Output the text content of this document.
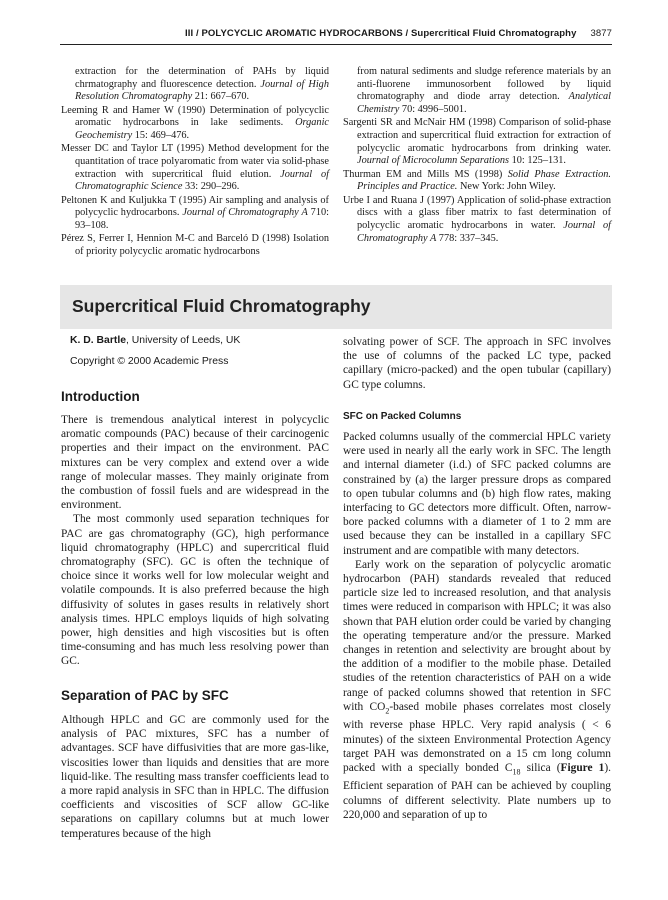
III / POLYCYCLIC AROMATIC HYDROCARBONS / Supercritical Fluid Chromatography 3877

extraction for the determination of PAHs by liquid chrmatography and fluorescence detection. Journal of High Resolution Chromatography 21: 667–670.

Leeming R and Hamer W (1990) Determination of polycyclic aromatic hydrocarbons in lake sediments. Organic Geochemistry 15: 469–476.

Messer DC and Taylor LT (1995) Method development for the quantitation of trace polyaromatic from water via solid-phase extraction with supercritical fluid elution. Journal of Chromatographic Science 33: 290–296.

Peltonen K and Kuljukka T (1995) Air sampling and analysis of polycyclic hydrocarbons. Journal of Chromatography A 710: 93–108.

Pérez S, Ferrer I, Hennion M-C and Barceló D (1998) Isolation of priority polycyclic aromatic hydrocarbons

from natural sediments and sludge reference materials by an anti-fluorene immunosorbent followed by liquid chromatography and diode array detection. Analytical Chemistry 70: 4996–5001.

Sargenti SR and McNair HM (1998) Comparison of solid-phase extraction and supercritical fluid extraction for extraction of polycyclic aromatic hydrocarbons from drinking water. Journal of Microcolumn Separations 10: 125–131.

Thurman EM and Mills MS (1998) Solid Phase Extraction. Principles and Practice. New York: John Wiley.

Urbe I and Ruana J (1997) Application of solid-phase extraction discs with a glass fiber matrix to fast determination of polycyclic aromatic hydrocarbons in water. Journal of Chromatography A 778: 337–345.

Supercritical Fluid Chromatography
K. D. Bartle, University of Leeds, UK
Copyright © 2000 Academic Press
Introduction

There is tremendous analytical interest in polycyclic aromatic compounds (PAC) because of their carcinogenic properties and their impact on the environment. PAC mixtures can be very complex and extend over a wide range of molecular masses. They mainly originate from the combustion of fossil fuels and are widespread in the environment.

The most commonly used separation techniques for PAC are gas chromatography (GC), high performance liquid chromatography (HPLC) and supercritical fluid chromatography (SFC). GC is often the technique of choice since it works well for low molecular weight and volatile compounds. It is also preferred because the high diffusivity of solutes in gases results in relatively short analysis times. HPLC employs liquids of high solvating power, high densities and high viscosities but is often time-consuming and has much less resolving power than GC.

Separation of PAC by SFC

Although HPLC and GC are commonly used for the analysis of PAC mixtures, SFC has a number of advantages. SCF have diffusivities that are more gas-like, viscosities lower than liquids and densities that are more liquid-like. The resulting mass transfer coefficients lead to a more rapid analysis in SFC than in HPLC. The diffusion coefficients and viscosities of SCF allow GC-like separations on capillary columns but at much lower temperatures because of the high

solvating power of SCF. The approach in SFC involves the use of columns of the packed LC type, packed capillary (micro-packed) and the open tubular (capillary) GC type columns.

SFC on Packed Columns

Packed columns usually of the commercial HPLC variety were used in nearly all the early work in SFC. The length and internal diameter (i.d.) of SFC packed columns are constrained by (a) the larger pressure drops as compared to open tubular columns and (b) high flow rates, making interfacing to GC detectors more difficult. Often, narrow-bore packed columns with a diameter of 1 to 2 mm are used because they can be installed in a capillary SFC instrument and are compatible with many detectors.

Early work on the separation of polycyclic aromatic hydrocarbon (PAH) standards revealed that reduced particle size led to increased resolution, and that analysis times were reduced in comparison with HPLC; it was also shown that PAH elution order could be varied by changing the operating temperature and/or the pressure. Marked changes in retention and selectivity are brought about by the addition of a modifier to the mobile phase. Detailed studies of the retention characteristics of PAH on a wide range of packed columns showed that retention in SFC with $CO_2$-based mobile phases correlates most closely with reverse phase HPLC. Very rapid analysis ( < 6 minutes) of the sixteen Environmental Protection Agency target PAH was demonstrated on a 15 cm long column packed with a specially bonded $C_{18}$ silica (Figure 1). Efficient separation of PAH can be achieved by coupling columns of different selectivity. Plate numbers up to 220,000 and separation of up to
